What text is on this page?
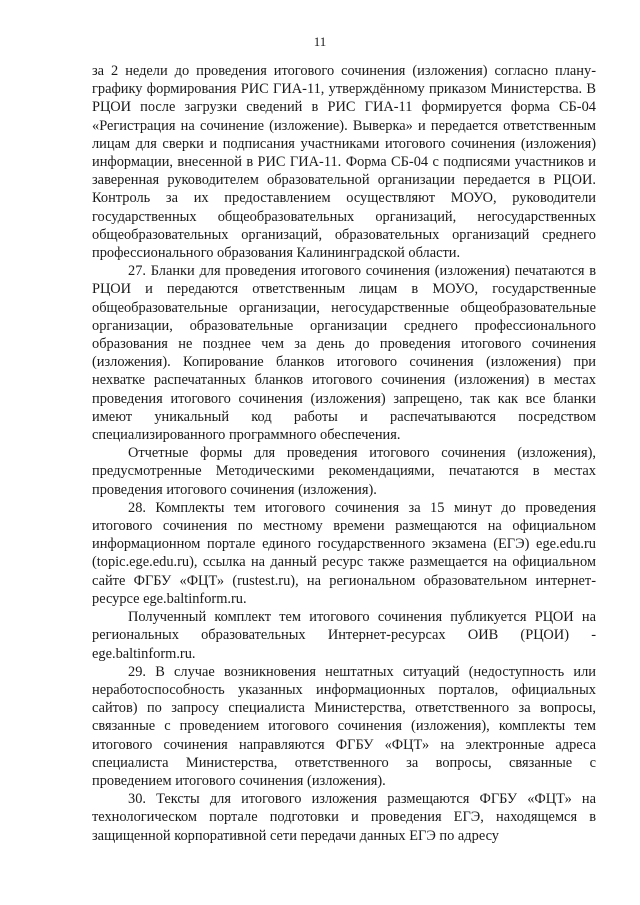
11

за 2 недели до проведения итогового сочинения (изложения) согласно плану-графику формирования РИС ГИА-11, утверждённому приказом Министерства. В РЦОИ после загрузки сведений в РИС ГИА-11 формируется форма СБ-04 «Регистрация на сочинение (изложение). Выверка» и передается ответственным лицам для сверки и подписания участниками итогового сочинения (изложения) информации, внесенной в РИС ГИА-11. Форма СБ-04 с подписями участников и заверенная руководителем образовательной организации передается в РЦОИ. Контроль за их предоставлением осуществляют МОУО, руководители государственных общеобразовательных организаций, негосударственных общеобразовательных организаций, образовательных организаций среднего профессионального образования Калининградской области.

27. Бланки для проведения итогового сочинения (изложения) печатаются в РЦОИ и передаются ответственным лицам в МОУО, государственные общеобразовательные организации, негосударственные общеобразовательные организации, образовательные организации среднего профессионального образования не позднее чем за день до проведения итогового сочинения (изложения). Копирование бланков итогового сочинения (изложения) при нехватке распечатанных бланков итогового сочинения (изложения) в местах проведения итогового сочинения (изложения) запрещено, так как все бланки имеют уникальный код работы и распечатываются посредством специализированного программного обеспечения.

Отчетные формы для проведения итогового сочинения (изложения), предусмотренные Методическими рекомендациями, печатаются в местах проведения итогового сочинения (изложения).

28. Комплекты тем итогового сочинения за 15 минут до проведения итогового сочинения по местному времени размещаются на официальном информационном портале единого государственного экзамена (ЕГЭ) ege.edu.ru (topic.ege.edu.ru), ссылка на данный ресурс также размещается на официальном сайте ФГБУ «ФЦТ» (rustest.ru), на региональном образовательном интернет-ресурсе ege.baltinform.ru.

Полученный комплект тем итогового сочинения публикуется РЦОИ на региональных образовательных Интернет-ресурсах ОИВ (РЦОИ) - ege.baltinform.ru.

29. В случае возникновения нештатных ситуаций (недоступность или неработоспособность указанных информационных порталов, официальных сайтов) по запросу специалиста Министерства, ответственного за вопросы, связанные с проведением итогового сочинения (изложения), комплекты тем итогового сочинения направляются ФГБУ «ФЦТ» на электронные адреса специалиста Министерства, ответственного за вопросы, связанные с проведением итогового сочинения (изложения).

30. Тексты для итогового изложения размещаются ФГБУ «ФЦТ» на технологическом портале подготовки и проведения ЕГЭ, находящемся в защищенной корпоративной сети передачи данных ЕГЭ по адресу
